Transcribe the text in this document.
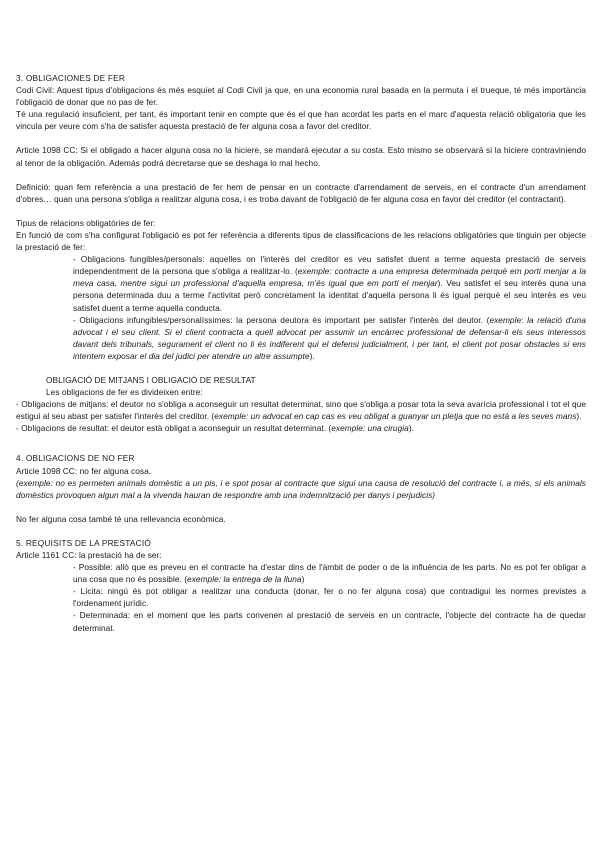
3. OBLIGACIONES DE FER

Codi Civil: Aquest tipus d'obligacions és més esquiet al Codi Civil ja que, en una economia rural basada en la permuta i el trueque, té més importància l'obligació de donar que no pas de fer.

Té una regulació insuficient, per tant, és important tenir en compte que és el que han acordat les parts en el marc d'aquesta relació obligatoria que les vincula per veure com s'ha de satisfer aquesta prestació de fer alguna cosa a favor del creditor.

Article 1098 CC: Si el obligado a hacer alguna cosa no la hiciere, se mandará ejecutar a su costa. Esto mismo se observará si la hiciere contraviniendo al tenor de la obligación. Además podrá decretarse que se deshaga lo mal hecho.

Definició: quan fem referència a una prestació de fer hem de pensar en un contracte d'arrendament de serveis, en el contracte d'un arrendament d'obres… quan una persona s'obliga a realitzar alguna cosa, i es troba davant de l'obligació de fer alguna cosa en favor del creditor (el contractant).

Tipus de relacions obligatòries de fer:

En funció de com s'ha configurat l'obligació es pot fer referència a diferents tipus de classificacions de les relacions obligatòries que tinguin per objecte la prestació de fer:

- Obligacions fungibles/personals: aquelles on l'interès del creditor es veu satisfet duent a terme aquesta prestació de serveis independentment de la persona que s'obliga a realitzar-lo. (exemple: contracte a una empresa determinada perquè em porti menjar a la meva casa, mentre sigui un professional d'aquella empresa, m'és igual que em porti el menjar). Veu satisfet el seu interès quna una persona determinada duu a terme l'activitat però concretament la identitat d'aquella persona li és igual perquè el seu interès es veu satisfet duent a terme aquella conducta.

- Obligacions infungibles/personalíssimes: la persona deutora és important per satisfer l'interès del deutor. (exemple: la relació d'una advocat i el seu client. Si el client contracta a quell advocat per assumir un encàrrec professional de defensar-li els seus interessos davant dels tribunals, segurament el client no li és indiferent qui el defensi judicialment, i per tant, el client pot posar obstacles si ens intentem exposar el dia del judici per atendre un altre assumpte).

OBLIGACIÓ DE MITJANS I OBLIGACIÓ DE RESULTAT

Les obligacions de fer es divideixen entre:

- Obligacions de mitjans: el deutor no s'obliga a aconseguir un resultat determinat, sino que s'obliga a posar tota la seva avarícia professional i tot el que estigui al seu abast per satisfer l'interès del creditor. (exemple: un advocat en cap cas es veu obligat a guanyar un pletja que no està a les seves mans).

- Obligacions de resultat: el deutor està obligat a aconseguir un resultat determinat. (exemple: una cirugia).

4. OBLIGACIONS DE NO FER

Article 1098 CC: no fer alguna cosa.

(exemple: no es permeten animals domèstic a un pis, i e spot posar al contracte que sigui una causa de resolució del contracte i, a més, si els animals domèstics provoquen algun mal a la vivenda hauran de respondre amb una indemnització per danys i perjudicis)

No fer alguna cosa també té una rellevancia econòmica.

5. REQUISITS DE LA PRESTACIÓ

Article 1161 CC: la prestació ha de ser:

- Possible: allò que es preveu en el contracte ha d'estar dins de l'àmbit de poder o de la influència de les parts. No es pot fer obligar a una cosa que no és possible. (exemple: la entrega de la lluna)

- Lícita: ningú és pot obligar a realitzar una conducta (donar, fer o no fer alguna cosa) que contradigui les normes previstes a l'ordenament jurídic.

- Determinada: en el moment que les parts convenen al prestació de serveis en un contracte, l'objecte del contracte ha de quedar determinat.
